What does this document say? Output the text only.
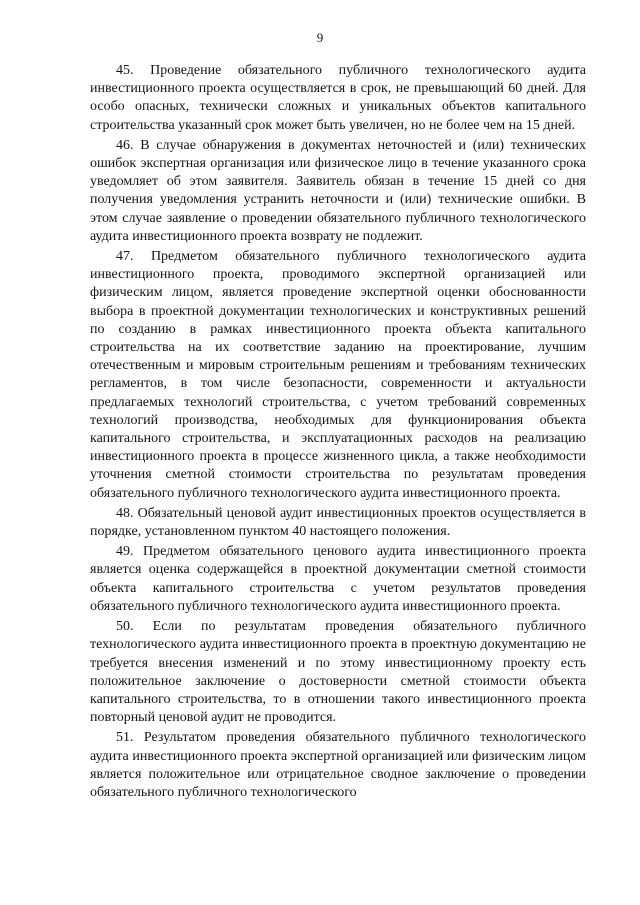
9

45. Проведение обязательного публичного технологического аудита инвестиционного проекта осуществляется в срок, не превышающий 60 дней. Для особо опасных, технически сложных и уникальных объектов капитального строительства указанный срок может быть увеличен, но не более чем на 15 дней.

46. В случае обнаружения в документах неточностей и (или) технических ошибок экспертная организация или физическое лицо в течение указанного срока уведомляет об этом заявителя. Заявитель обязан в течение 15 дней со дня получения уведомления устранить неточности и (или) технические ошибки. В этом случае заявление о проведении обязательного публичного технологического аудита инвестиционного проекта возврату не подлежит.

47. Предметом обязательного публичного технологического аудита инвестиционного проекта, проводимого экспертной организацией или физическим лицом, является проведение экспертной оценки обоснованности выбора в проектной документации технологических и конструктивных решений по созданию в рамках инвестиционного проекта объекта капитального строительства на их соответствие заданию на проектирование, лучшим отечественным и мировым строительным решениям и требованиям технических регламентов, в том числе безопасности, современности и актуальности предлагаемых технологий строительства, с учетом требований современных технологий производства, необходимых для функционирования объекта капитального строительства, и эксплуатационных расходов на реализацию инвестиционного проекта в процессе жизненного цикла, а также необходимости уточнения сметной стоимости строительства по результатам проведения обязательного публичного технологического аудита инвестиционного проекта.

48. Обязательный ценовой аудит инвестиционных проектов осуществляется в порядке, установленном пунктом 40 настоящего положения.

49. Предметом обязательного ценового аудита инвестиционного проекта является оценка содержащейся в проектной документации сметной стоимости объекта капитального строительства с учетом результатов проведения обязательного публичного технологического аудита инвестиционного проекта.

50. Если по результатам проведения обязательного публичного технологического аудита инвестиционного проекта в проектную документацию не требуется внесения изменений и по этому инвестиционному проекту есть положительное заключение о достоверности сметной стоимости объекта капитального строительства, то в отношении такого инвестиционного проекта повторный ценовой аудит не проводится.

51. Результатом проведения обязательного публичного технологического аудита инвестиционного проекта экспертной организацией или физическим лицом является положительное или отрицательное сводное заключение о проведении обязательного публичного технологического
